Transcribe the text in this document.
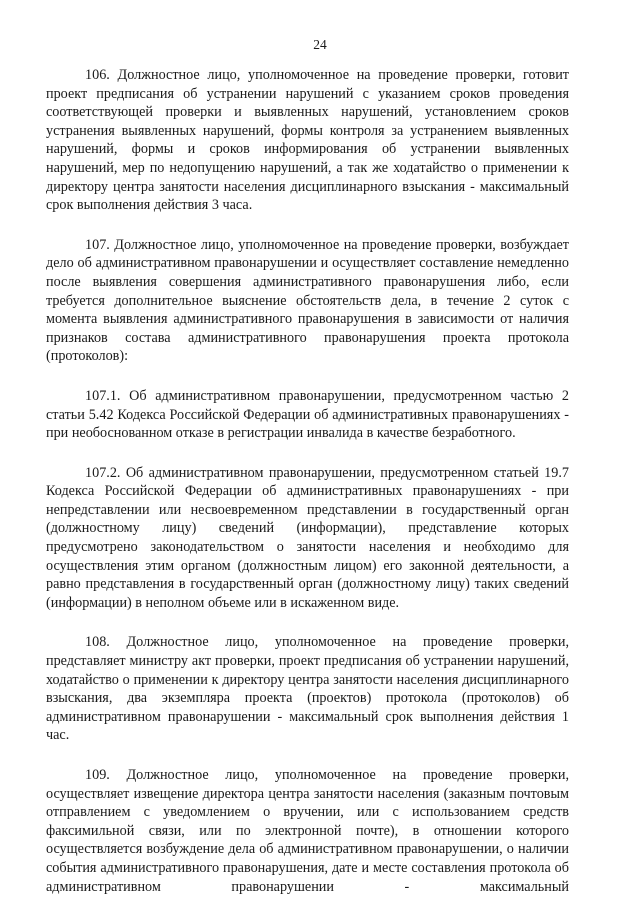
24

106. Должностное лицо, уполномоченное на проведение проверки, готовит проект предписания об устранении нарушений с указанием сроков проведения соответствующей проверки и выявленных нарушений, установлением сроков устранения выявленных нарушений, формы контроля за устранением выявленных нарушений, формы и сроков информирования об устранении выявленных нарушений, мер по недопущению нарушений, а так же ходатайство о применении к директору центра занятости населения дисциплинарного взыскания - максимальный срок выполнения действия 3 часа.

107. Должностное лицо, уполномоченное на проведение проверки, возбуждает дело об административном правонарушении и осуществляет составление немедленно после выявления совершения административного правонарушения либо, если требуется дополнительное выяснение обстоятельств дела, в течение 2 суток с момента выявления административного правонарушения в зависимости от наличия признаков состава административного правонарушения проекта протокола (протоколов):

107.1. Об административном правонарушении, предусмотренном частью 2 статьи 5.42 Кодекса Российской Федерации об административных правонарушениях - при необоснованном отказе в регистрации инвалида в качестве безработного.

107.2. Об административном правонарушении, предусмотренном статьей 19.7 Кодекса Российской Федерации об административных правонарушениях - при непредставлении или несвоевременном представлении в государственный орган (должностному лицу) сведений (информации), представление которых предусмотрено законодательством о занятости населения и необходимо для осуществления этим органом (должностным лицом) его законной деятельности, а равно представления в государственный орган (должностному лицу) таких сведений (информации) в неполном объеме или в искаженном виде.

108. Должностное лицо, уполномоченное на проведение проверки, представляет министру акт проверки, проект предписания об устранении нарушений, ходатайство о применении к директору центра занятости населения дисциплинарного взыскания, два экземпляра проекта (проектов) протокола (протоколов) об административном правонарушении - максимальный срок выполнения действия 1 час.

109. Должностное лицо, уполномоченное на проведение проверки, осуществляет извещение директора центра занятости населения (заказным почтовым отправлением с уведомлением о вручении, или с использованием средств факсимильной связи, или по электронной почте), в отношении которого осуществляется возбуждение дела об административном правонарушении, о наличии события административного правонарушения, дате и месте составления протокола об административном правонарушении - максимальный
